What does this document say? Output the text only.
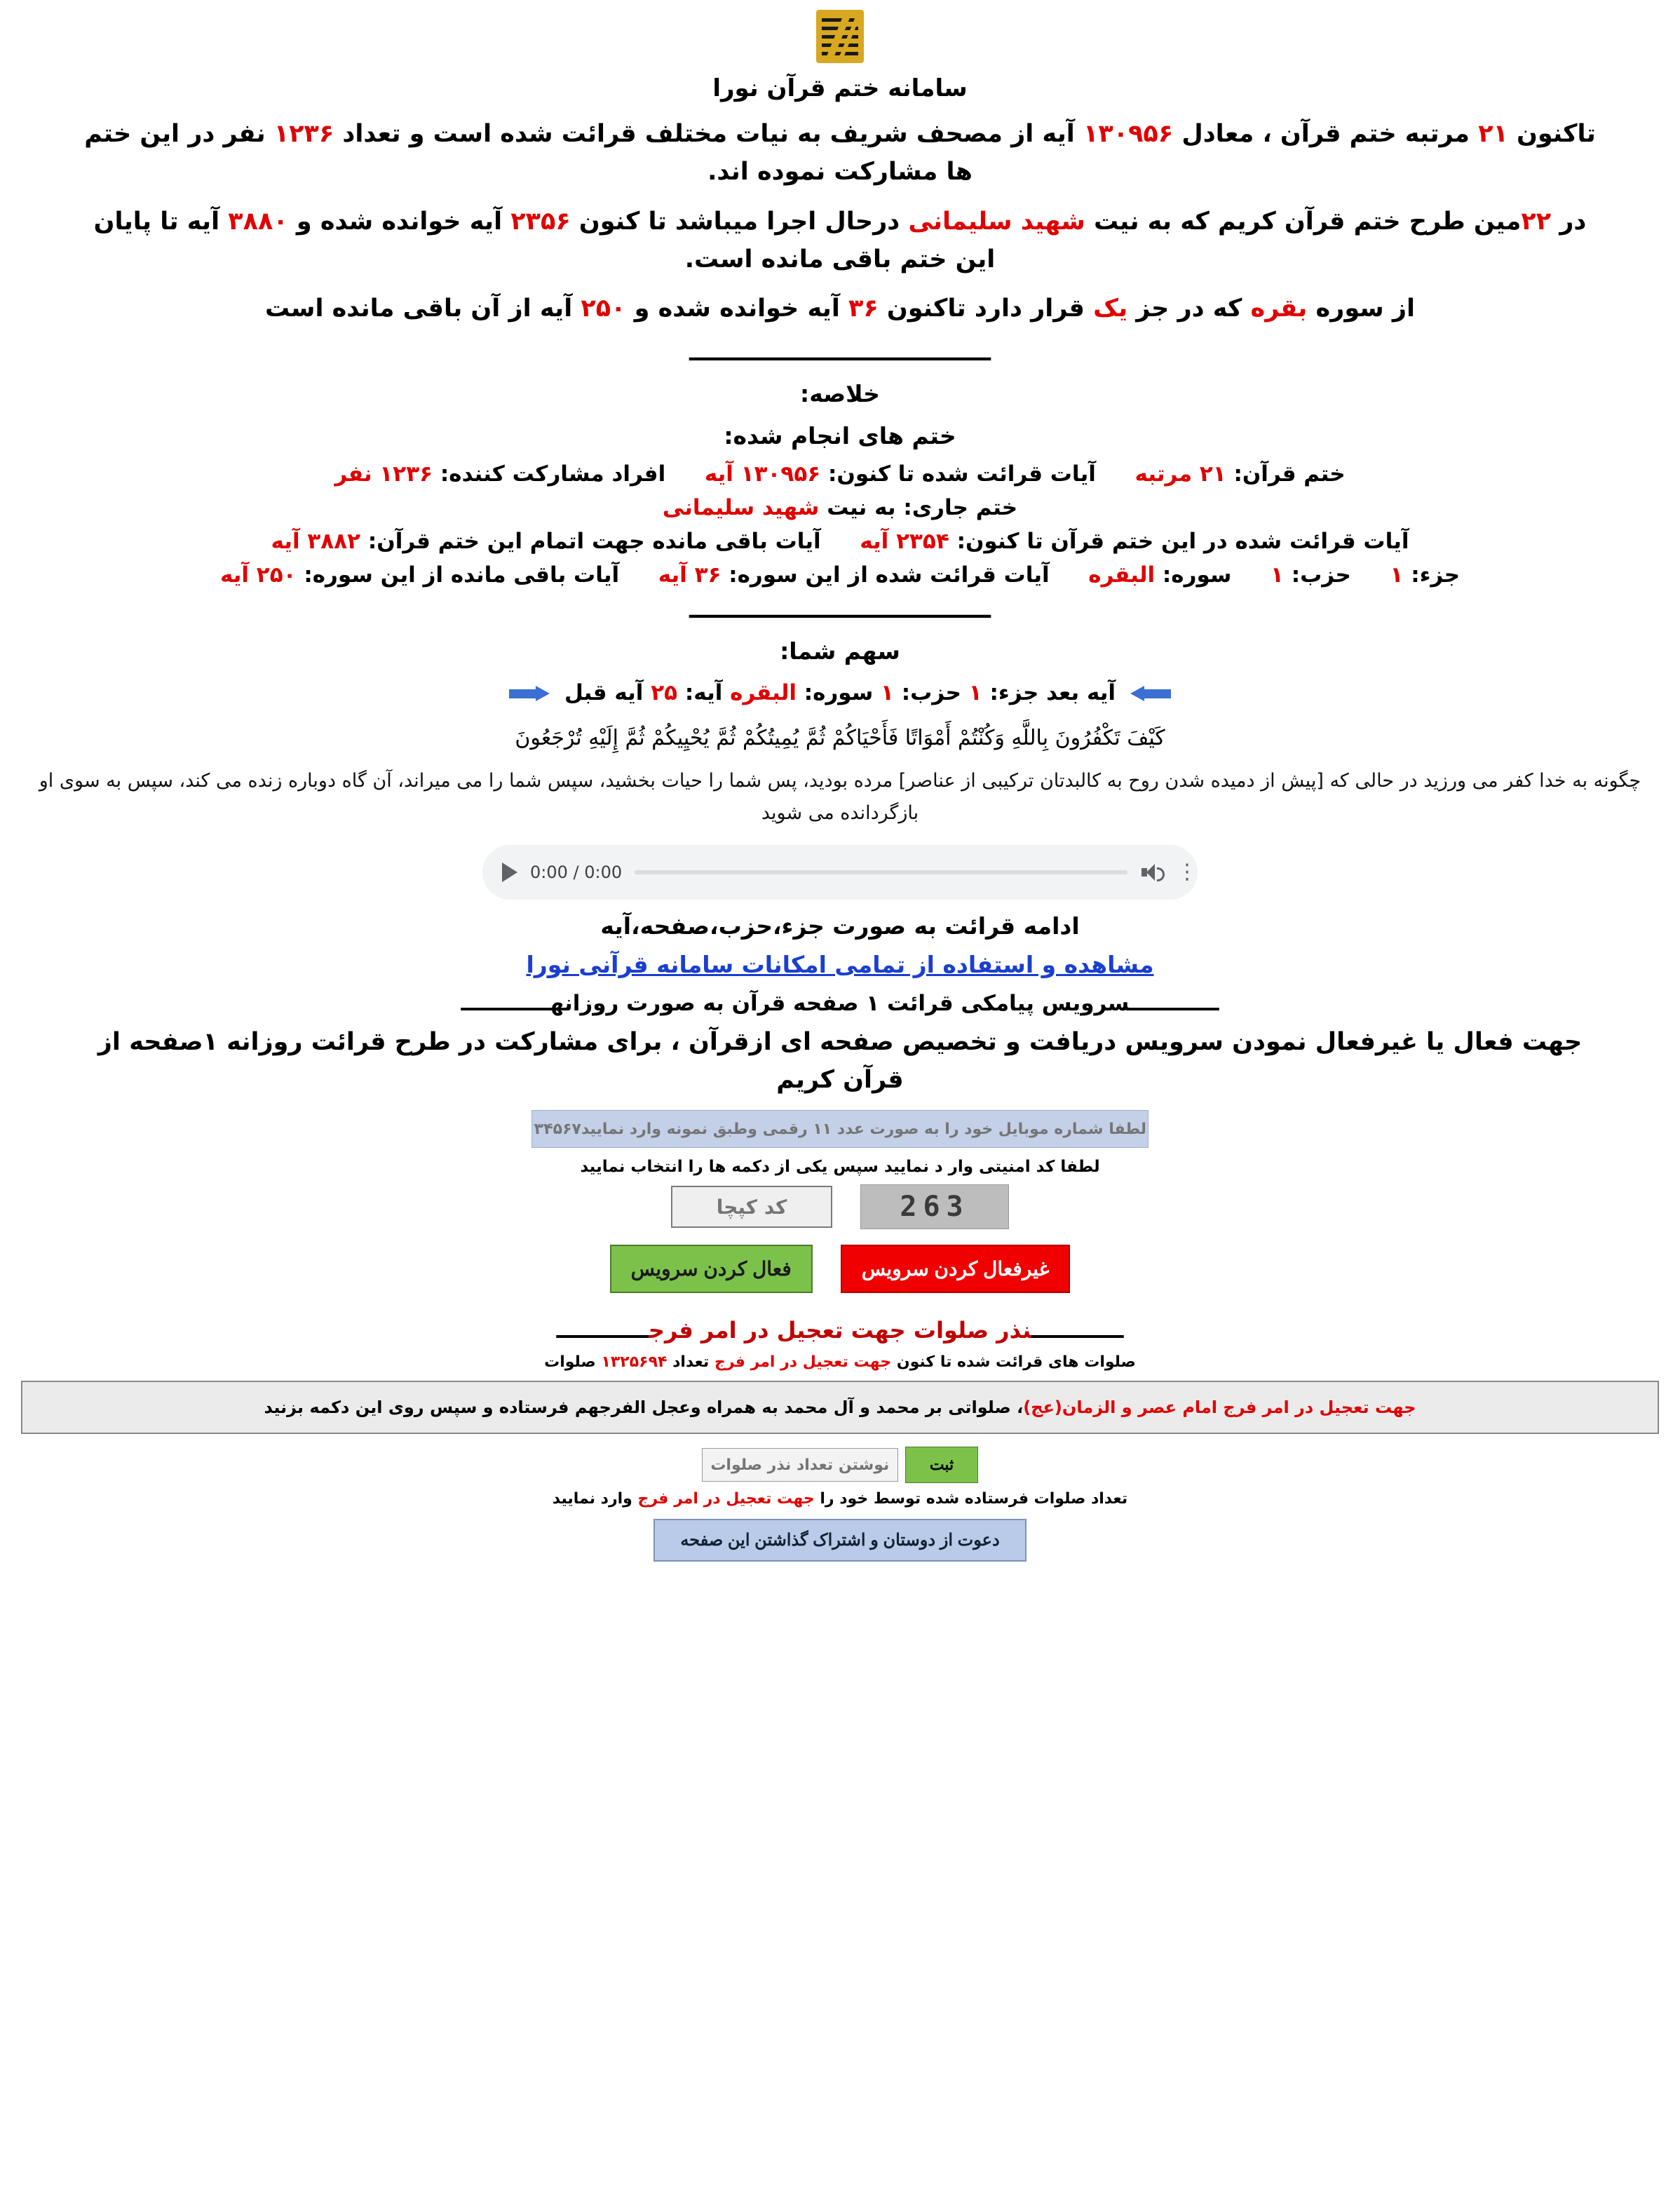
سامانه ختم قرآن نورا
تاکنون ۲۱ مرتبه ختم قرآن ، معادل ۱۳۰۹۵۶ آیه از مصحف شریف به نیات مختلف قرائت شده است و تعداد ۱۲۳۶ نفر در این ختم ها مشارکت نموده اند.
در ۲۲مین طرح ختم قرآن کریم که به نیت شهید سلیمانی درحال اجرا میباشد تا کنون ۲۳۵۶ آیه خوانده شده و ۳۸۸۰ آیه تا پایان این ختم باقی مانده است.
از سوره بقره که در جز یک قرار دارد تاکنون ۳۶ آیه خوانده شده و ۲۵۰ آیه از آن باقی مانده است
ـــــــــــــــــــــــــــــــــــــ
خلاصه:
ختم های انجام شده:
ختم قرآن: ۲۱ مرتبه  آیات قرائت شده تا کنون: ۱۳۰۹۵۶ آیه  افراد مشارکت کننده: ۱۲۳۶ نفر
ختم جاری: به نیت شهید سلیمانی
آیات قرائت شده در این ختم قرآن تا کنون: ۲۳۵۴ آیه  آیات باقی مانده جهت اتمام این ختم قرآن: ۳۸۸۲ آیه
جزء: ۱  حزب: ۱  سوره: البقره  آیات قرائت شده از این سوره: ۳۶ آیه  آیات باقی مانده از این سوره: ۲۵۰ آیه
ـــــــــــــــــــــــــــــــــــــ
سهم شما:
آیه بعد جزء: ۱ حزب: ۱ سوره: البقره آیه: ۲۵ آیه قبل
كَيْفَ تَكْفُرُونَ بِاللَّهِ وَكُنْتُمْ أَمْوَاتًا فَأَحْيَاكُمْ ثُمَّ يُمِيتُكُمْ ثُمَّ يُحْيِيكُمْ ثُمَّ إِلَيْهِ تُرْجَعُونَ
چگونه به خدا کفر می ورزید در حالی که [پیش از دمیده شدن روح به کالبدتان ترکیبی از عناصر] مرده بودید، پس شما را حیات بخشید، سپس شما را می میراند، آن گاه دوباره زنده می کند، سپس به سوی او بازگردانده می شوید
0:00 / 0:00	⋮
ادامه قرائت به صورت جزء،حزب،صفحه،آیه
مشاهده و استفاده از تمامی امکانات سامانه قرآنی نورا
ــــــــــــسرویس پیامکی قرائت ۱ صفحه قرآن به صورت روزانهــــــــــــ
جهت فعال یا غیرفعال نمودن سرویس دریافت و تخصیص صفحه ای ازقرآن ، برای مشارکت در طرح قرائت روزانه ۱صفحه از قرآن کریم
لطفا شماره موبایل خود را به صورت عدد ۱۱ رقمی وطبق نمونه وارد نمایید۰۹۱۲۱۲۳۴۵۶۷
لطفا کد امنیتی وار د نمایید سپس یکی از دکمه ها را انتخاب نمایید
263
کد کپچا
غیرفعال کردن سرویس
فعال کردن سرویس
ــــــــــــنذر صلوات جهت تعجیل در امر فرجــــــــــــ
صلوات های قرائت شده تا کنون جهت تعجیل در امر فرج تعداد ۱۳۲۵۶۹۴ صلوات
جهت تعجیل در امر فرج امام عصر و الزمان(عج)، صلواتی بر محمد و آل محمد به همراه وعجل الفرجهم فرستاده و سپس روی این دکمه بزنید
ثبت
نوشتن تعداد نذر صلوات
تعداد صلوات فرستاده شده توسط خود را جهت تعجیل در امر فرج وارد نمایید
دعوت از دوستان و اشتراک گذاشتن این صفحه
